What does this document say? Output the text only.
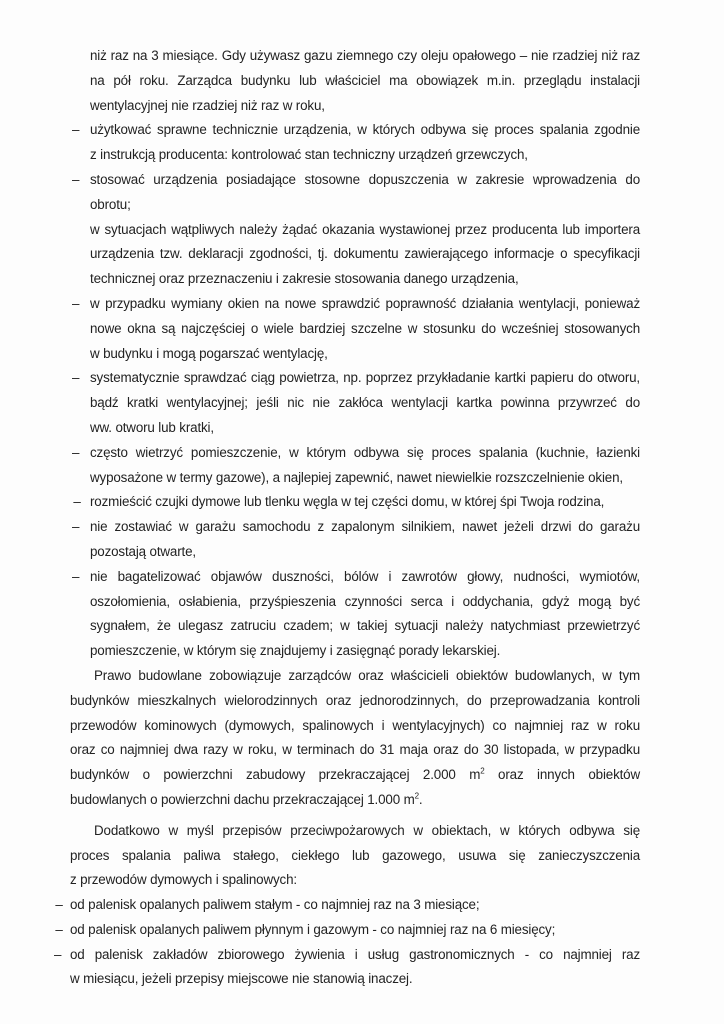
niż raz na 3 miesiące. Gdy używasz gazu ziemnego czy oleju opałowego – nie rzadziej niż raz
na pół roku. Zarządca budynku lub właściciel ma obowiązek m.in. przeglądu instalacji
wentylacyjnej nie rzadziej niż raz w roku,
– użytkować sprawne technicznie urządzenia, w których odbywa się proces spalania zgodnie
z instrukcją producenta: kontrolować stan techniczny urządzeń grzewczych,
– stosować urządzenia posiadające stosowne dopuszczenia w zakresie wprowadzenia do
obrotu;
w sytuacjach wątpliwych należy żądać okazania wystawionej przez producenta lub importera
urządzenia tzw. deklaracji zgodności, tj. dokumentu zawierającego informacje o specyfikacji
technicznej oraz przeznaczeniu i zakresie stosowania danego urządzenia,
– w przypadku wymiany okien na nowe sprawdzić poprawność działania wentylacji, ponieważ
nowe okna są najczęściej o wiele bardziej szczelne w stosunku do wcześniej stosowanych
w budynku i mogą pogarszać wentylację,
– systematycznie sprawdzać ciąg powietrza, np. poprzez przykładanie kartki papieru do otworu,
bądź kratki wentylacyjnej; jeśli nic nie zakłóca wentylacji kartka powinna przywrzeć do
ww. otworu lub kratki,
– często wietrzyć pomieszczenie, w którym odbywa się proces spalania (kuchnie, łazienki
wyposażone w termy gazowe), a najlepiej zapewnić, nawet niewielkie rozszczelnienie okien,
– rozmieścić czujki dymowe lub tlenku węgla w tej części domu, w której śpi Twoja rodzina,
– nie zostawiać w garażu samochodu z zapalonym silnikiem, nawet jeżeli drzwi do garażu
pozostają otwarte,
– nie bagatelizować objawów duszności, bólów i zawrotów głowy, nudności, wymiotów,
oszołomienia, osłabienia, przyśpieszenia czynności serca i oddychania, gdyż mogą być
sygnałem, że ulegasz zatruciu czadem; w takiej sytuacji należy natychmiast przewietrzyć
pomieszczenie, w którym się znajdujemy i zasięgnąć porady lekarskiej.
Prawo budowlane zobowiązuje zarządców oraz właścicieli obiektów budowlanych, w tym
budynków mieszkalnych wielorodzinnych oraz jednorodzinnych, do przeprowadzania kontroli
przewodów kominowych (dymowych, spalinowych i wentylacyjnych) co najmniej raz w roku
oraz co najmniej dwa razy w roku, w terminach do 31 maja oraz do 30 listopada, w przypadku
budynków o powierzchni zabudowy przekraczającej 2.000 $m^2$ oraz innych obiektów
budowlanych o powierzchni dachu przekraczającej 1.000 $m^2$.
Dodatkowo w myśl przepisów przeciwpożarowych w obiektach, w których odbywa się
proces spalania paliwa stałego, ciekłego lub gazowego, usuwa się zanieczyszczenia
z przewodów dymowych i spalinowych:
– od palenisk opalanych paliwem stałym - co najmniej raz na 3 miesiące;
– od palenisk opalanych paliwem płynnym i gazowym - co najmniej raz na 6 miesięcy;
– od palenisk zakładów zbiorowego żywienia i usług gastronomicznych - co najmniej raz
w miesiącu, jeżeli przepisy miejscowe nie stanowią inaczej.
